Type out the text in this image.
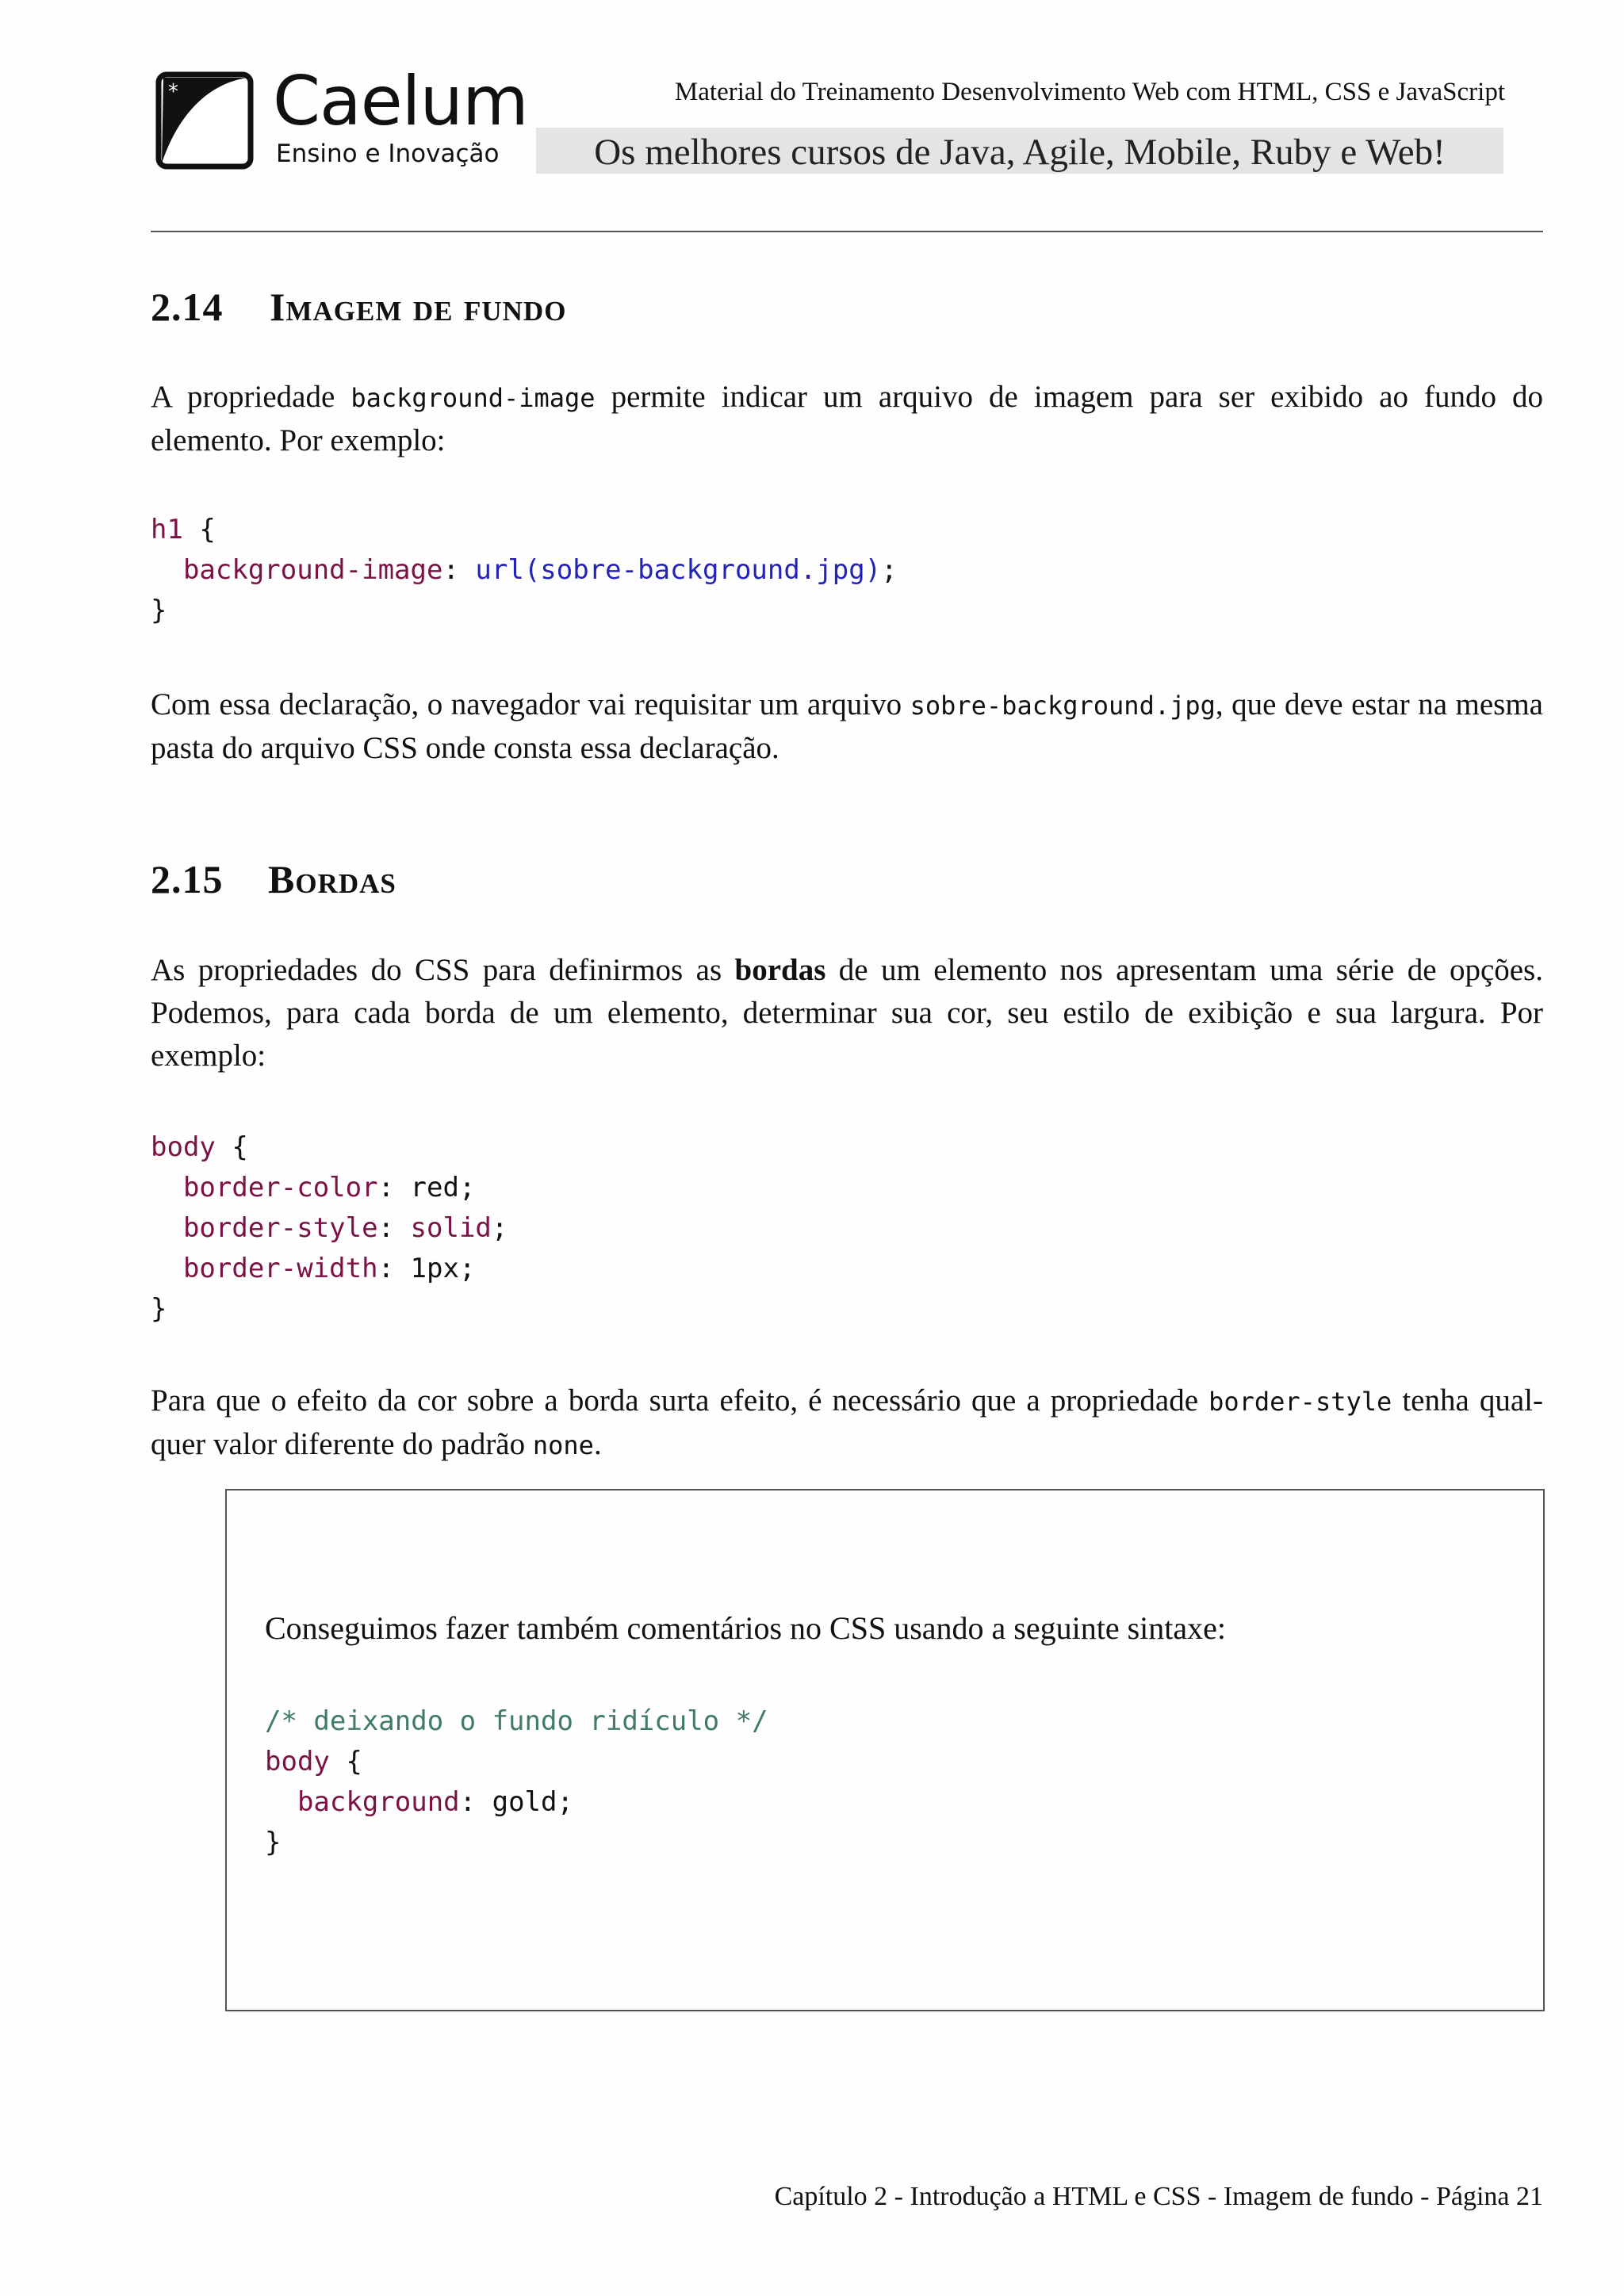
* Caelum
Ensino e Inovação
Material do Treinamento Desenvolvimento Web com HTML, CSS e JavaScript
Os melhores cursos de Java, Agile, Mobile, Ruby e Web!
2.14 Imagem de fundo
A propriedade background-image permite indicar um arquivo de imagem para ser exibido ao fundo do elemento. Por exemplo:
h1 {
background-image: url(sobre-background.jpg);
}
Com essa declaração, o navegador vai requisitar um arquivo sobre-background.jpg, que deve estar na mesma pasta do arquivo CSS onde consta essa declaração.
2.15 Bordas
As propriedades do CSS para definirmos as bordas de um elemento nos apresentam uma série de opções. Podemos, para cada borda de um elemento, determinar sua cor, seu estilo de exibição e sua largura. Por exemplo:
body {
border-color: red;
border-style: solid;
border-width: 1px;
}
Para que o efeito da cor sobre a borda surta efeito, é necessário que a propriedade border-style tenha qual-quer valor diferente do padrão none.
Conseguimos fazer também comentários no CSS usando a seguinte sintaxe:
/* deixando o fundo ridículo */
body {
background: gold;
}
Capítulo 2 - Introdução a HTML e CSS - Imagem de fundo - Página 21
